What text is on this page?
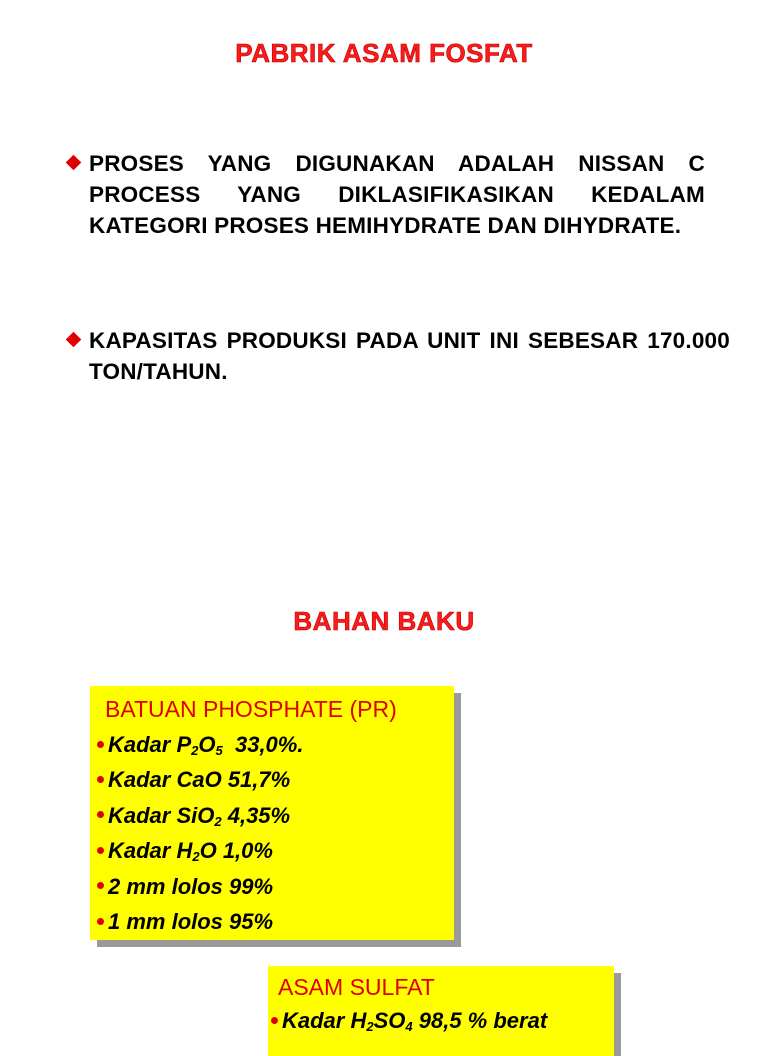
PABRIK ASAM FOSFAT
PROSES YANG DIGUNAKAN ADALAH NISSAN C PROCESS YANG DIKLASIFIKASIKAN KEDALAM KATEGORI PROSES HEMIHYDRATE DAN DIHYDRATE.
KAPASITAS PRODUKSI PADA UNIT INI SEBESAR 170.000 TON/TAHUN.
BAHAN BAKU
BATUAN PHOSPHATE (PR)
Kadar $P_2O_5$  33,0%.
Kadar CaO 51,7%
Kadar SiO$_2$ 4,35%
Kadar $H_2O$ 1,0%
2 mm lolos 99%
1 mm lolos 95%
ASAM SULFAT
Kadar $H_2SO_4$ 98,5 % berat
